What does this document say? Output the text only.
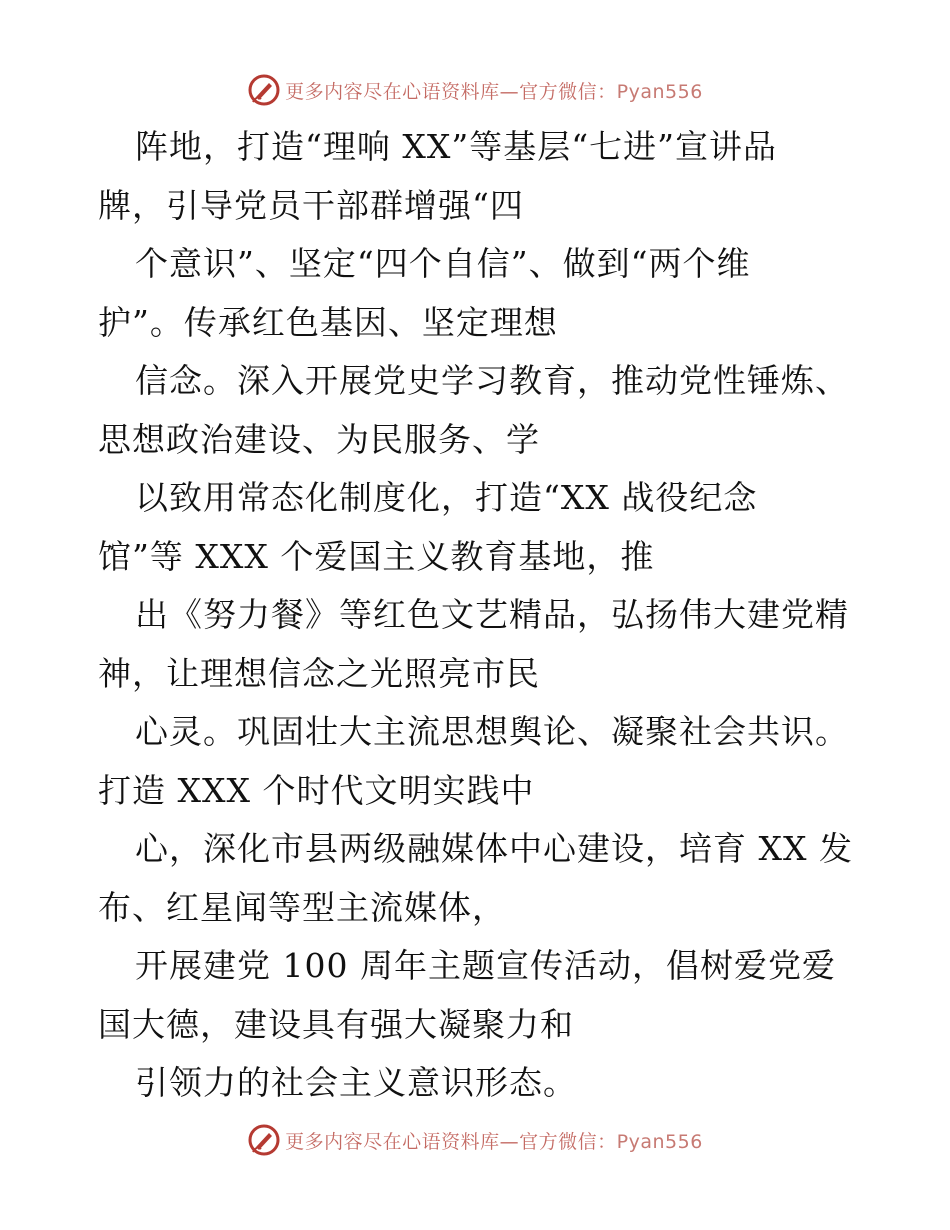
更多内容尽在心语资料库—官方微信：Pyan556
阵地，打造“理响 XX”等基层“七进”宣讲品
牌，引导党员干部群增强“四
个意识”、坚定“四个自信”、做到“两个维
护”。传承红色基因、坚定理想
信念。深入开展党史学习教育，推动党性锤炼、
思想政治建设、为民服务、学
以致用常态化制度化，打造“XX 战役纪念
馆”等 XXX 个爱国主义教育基地，推
出《努力餐》等红色文艺精品，弘扬伟大建党精
神，让理想信念之光照亮市民
心灵。巩固壮大主流思想舆论、凝聚社会共识。
打造 XXX 个时代文明实践中
心，深化市县两级融媒体中心建设，培育 XX 发
布、红星闻等型主流媒体，
开展建党 100 周年主题宣传活动，倡树爱党爱
国大德，建设具有强大凝聚力和
引领力的社会主义意识形态。
更多内容尽在心语资料库—官方微信：Pyan556
